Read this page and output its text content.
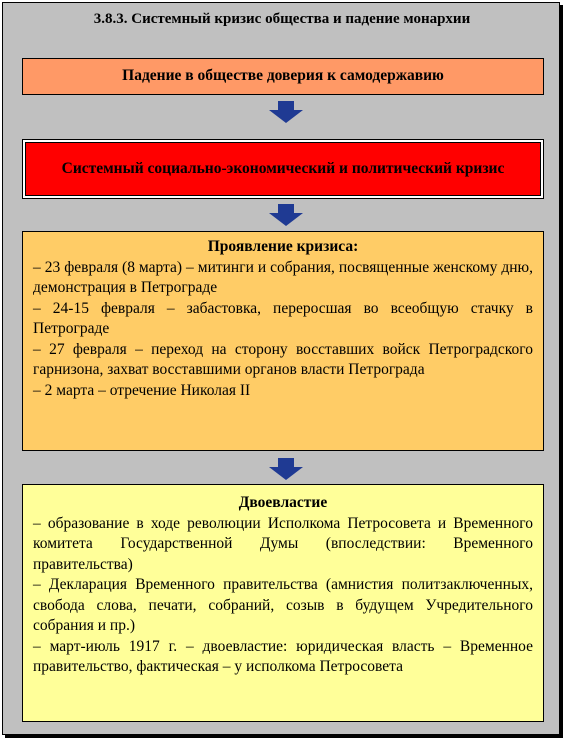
3.8.3. Системный кризис общества и падение монархии
Падение в обществе доверия к самодержавию
Системный социально-экономический и политический кризис
Проявление кризиса:
– 23 февраля (8 марта) – митинги и собрания, посвященные женскому дню, демонстрация в Петрограде
– 24-15 февраля – забастовка, переросшая во всеобщую стачку в Петрограде
– 27 февраля – переход на сторону восставших войск Петроградского гарнизона, захват восставшими органов власти Петрограда
– 2 марта – отречение Николая II
Двоевластие
– образование в ходе революции Исполкома Петросовета и Временного комитета Государственной Думы (впоследствии: Временного правительства)
– Декларация Временного правительства (амнистия политзаключенных, свобода слова, печати, собраний, созыв в будущем Учредительного собрания и пр.)
– март-июль 1917 г. – двоевластие: юридическая власть – Временное правительство, фактическая – у исполкома Петросовета
